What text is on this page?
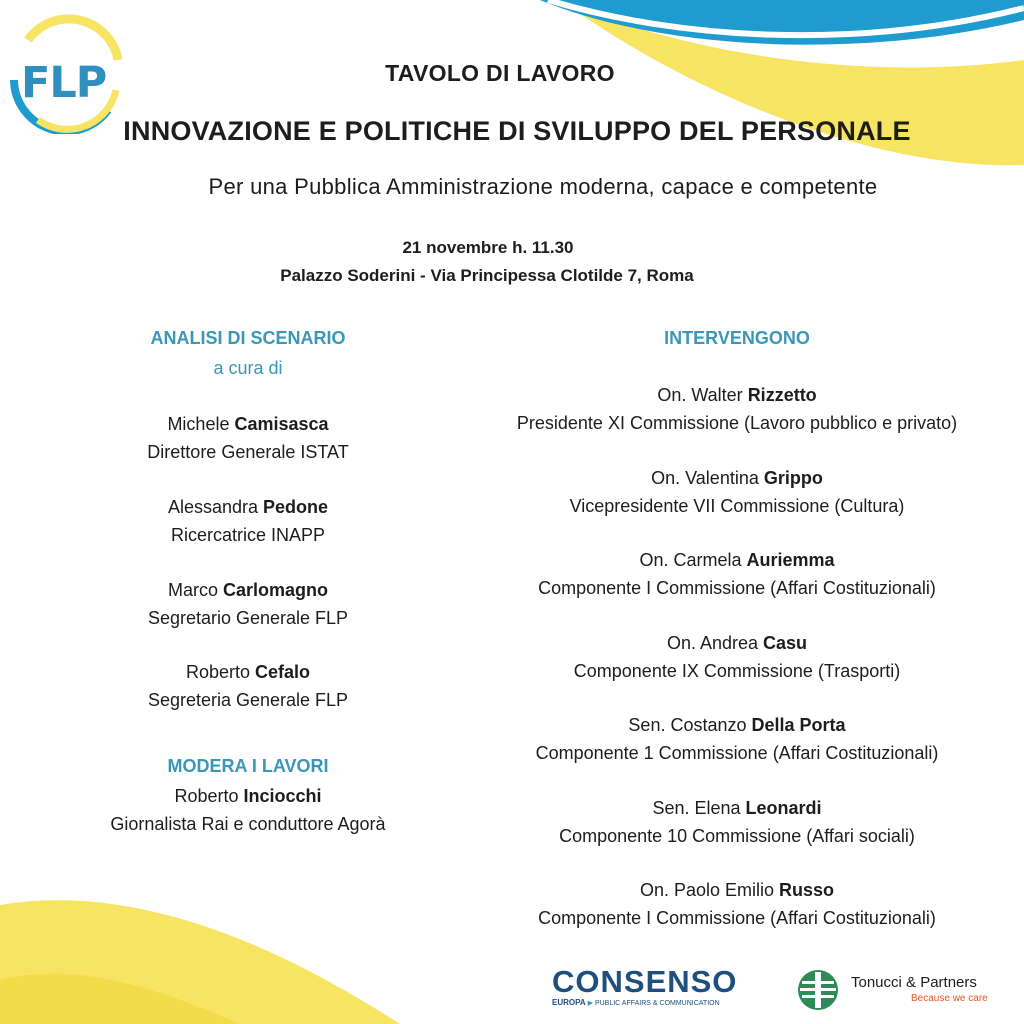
FLP	TAVOLO DI LAVORO
INNOVAZIONE E POLITICHE DI SVILUPPO DEL PERSONALE
Per una Pubblica Amministrazione moderna, capace e competente
21 novembre h. 11.30
Palazzo Soderini - Via Principessa Clotilde 7, Roma
ANALISI DI SCENARIO
a cura di
Michele Camisasca
Direttore Generale ISTAT
Alessandra Pedone
Ricercatrice INAPP
Marco Carlomagno
Segretario Generale FLP
Roberto Cefalo
Segreteria Generale FLP
MODERA I LAVORI
Roberto Inciocchi
Giornalista Rai e conduttore Agorà
INTERVENGONO
On. Walter Rizzetto
Presidente XI Commissione (Lavoro pubblico e privato)
On. Valentina Grippo
Vicepresidente VII Commissione (Cultura)
On. Carmela Auriemma
Componente I Commissione (Affari Costituzionali)
On. Andrea Casu
Componente IX Commissione (Trasporti)
Sen. Costanzo Della Porta
Componente 1 Commissione (Affari Costituzionali)
Sen. Elena Leonardi
Componente 10 Commissione (Affari sociali)
On. Paolo Emilio Russo
Componente I Commissione (Affari Costituzionali)
CONSENSO
EUROPA ▶ PUBLIC AFFAIRS & COMMUNICATION
Tonucci & Partners
Because we care
